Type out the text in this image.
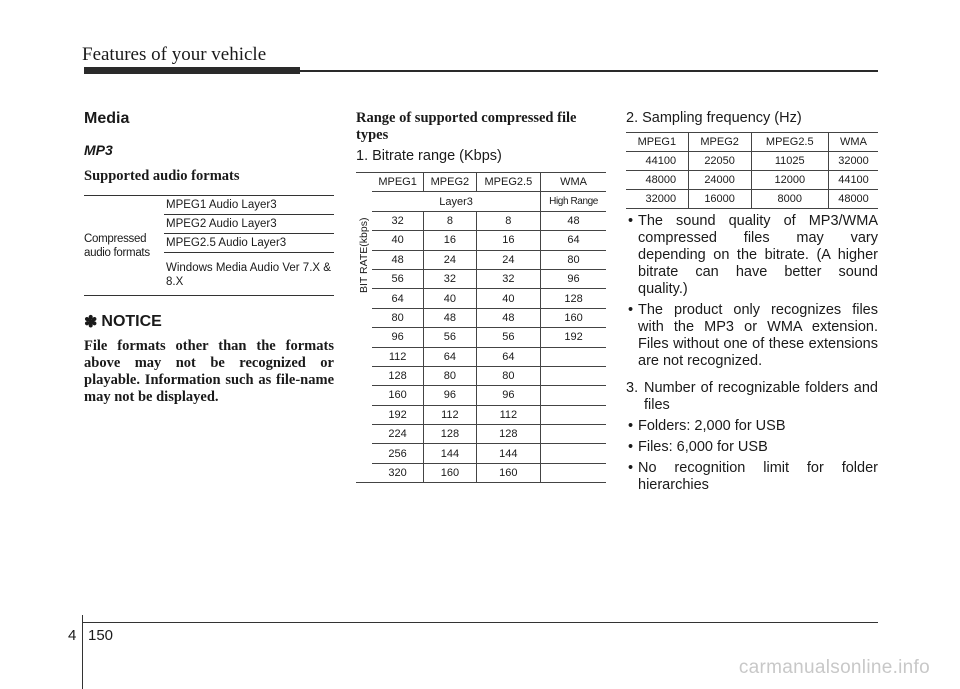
Features of your vehicle
Media
MP3
Supported audio formats
Compressed audio formats
MPEG1 Audio Layer3
MPEG2 Audio Layer3
MPEG2.5 Audio Layer3
Windows Media Audio Ver 7.X & 8.X
✽ NOTICE
File formats other than the formats above may not be recognized or playable. Information such as file-name may not be displayed.
Range of supported compressed file types
1. Bitrate range (Kbps)
BIT RATE(kbps)
MPEG1	MPEG2	MPEG2.5	WMA
Layer3			High Range
32	8	8	48
40	16	16	64
48	24	24	80
56	32	32	96
64	40	40	128
80	48	48	160
96	56	56	192
112	64	64	
128	80	80	
160	96	96	
192	112	112	
224	128	128	
256	144	144	
320	160	160	
2. Sampling frequency (Hz)
MPEG1	MPEG2	MPEG2.5	WMA
44100	22050	11025	32000
48000	24000	12000	44100
32000	16000	8000	48000
• The sound quality of MP3/WMA compressed files may vary depending on the bitrate. (A higher bitrate can have better sound quality.)
• The product only recognizes files with the MP3 or WMA extension. Files without one of these extensions are not recognized.
3. Number of recognizable folders and files
• Folders: 2,000 for USB
• Files: 6,000 for USB
• No recognition limit for folder hierarchies
4 150
carmanualsonline.info
